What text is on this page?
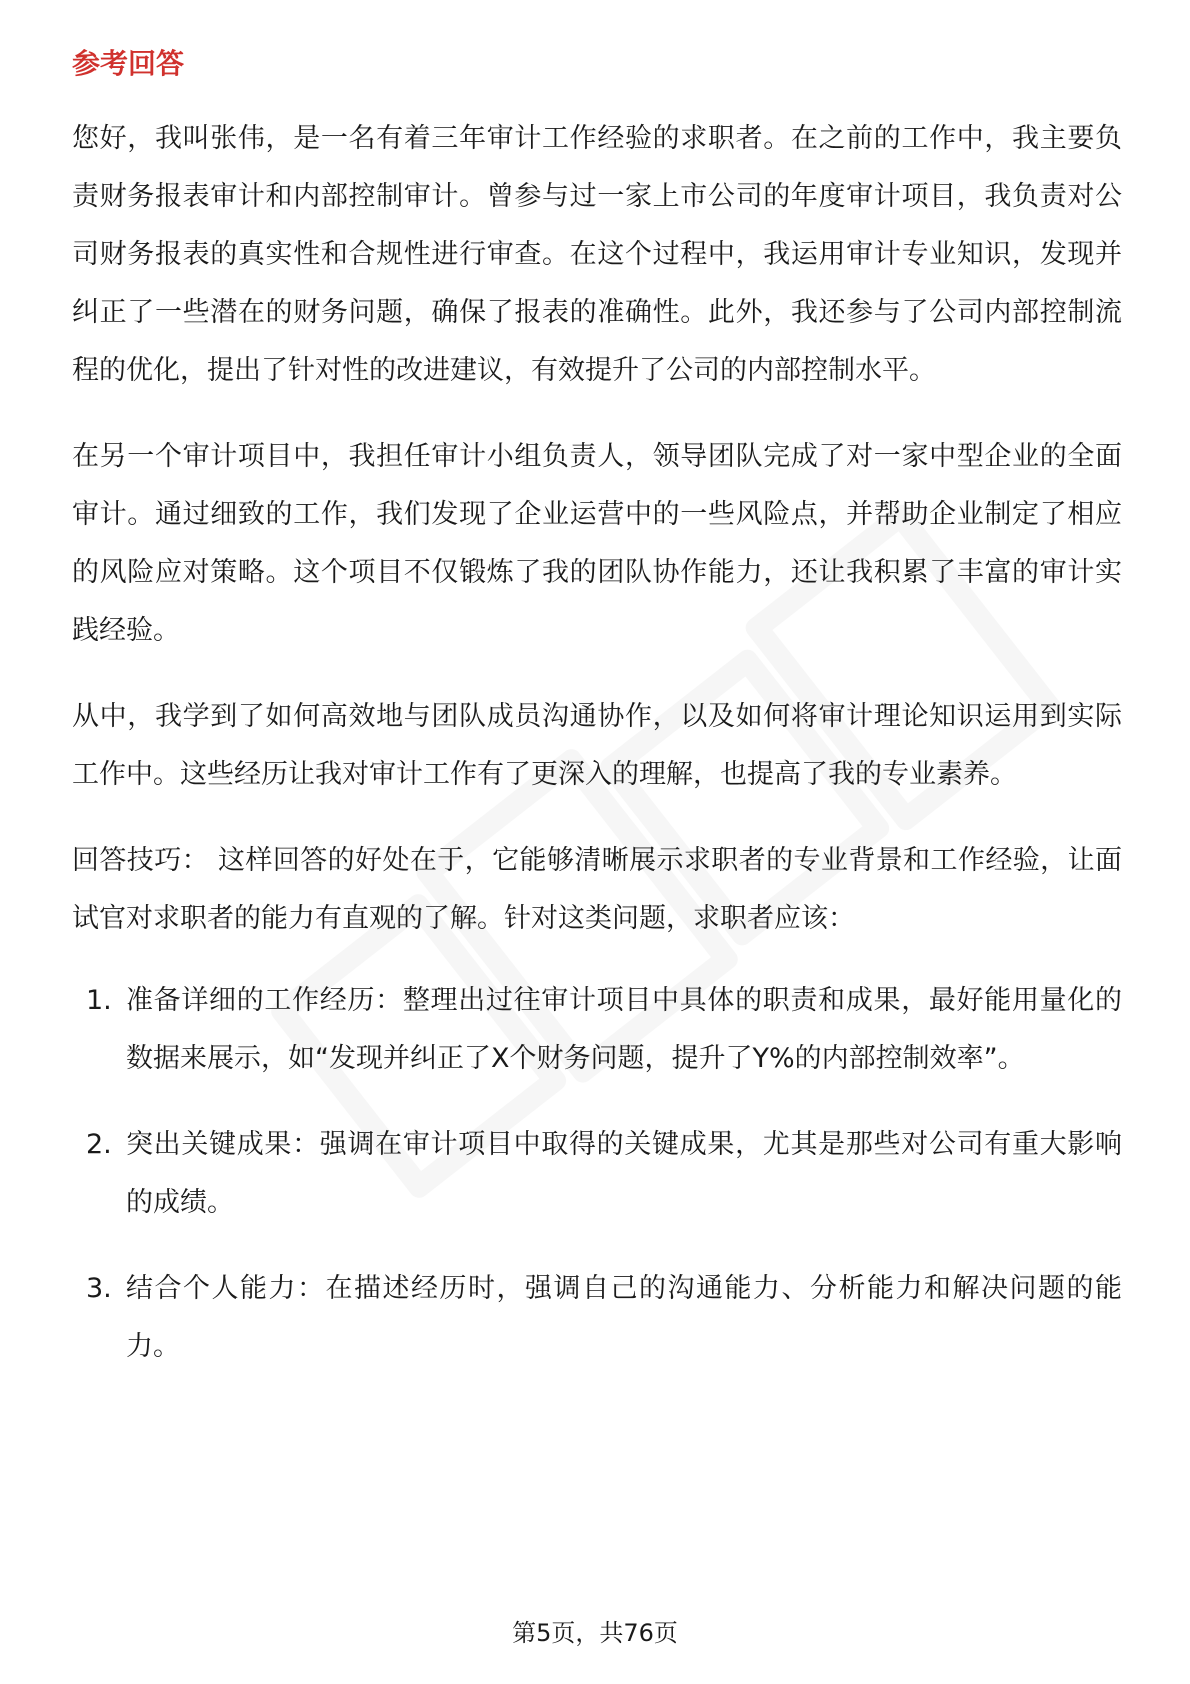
参考回答

您好，我叫张伟，是一名有着三年审计工作经验的求职者。在之前的工作中，我主要负责财务报表审计和内部控制审计。曾参与过一家上市公司的年度审计项目，我负责对公司财务报表的真实性和合规性进行审查。在这个过程中，我运用审计专业知识，发现并纠正了一些潜在的财务问题，确保了报表的准确性。此外，我还参与了公司内部控制流程的优化，提出了针对性的改进建议，有效提升了公司的内部控制水平。

在另一个审计项目中，我担任审计小组负责人，领导团队完成了对一家中型企业的全面审计。通过细致的工作，我们发现了企业运营中的一些风险点，并帮助企业制定了相应的风险应对策略。这个项目不仅锻炼了我的团队协作能力，还让我积累了丰富的审计实践经验。

从中，我学到了如何高效地与团队成员沟通协作，以及如何将审计理论知识运用到实际工作中。这些经历让我对审计工作有了更深入的理解，也提高了我的专业素养。

回答技巧： 这样回答的好处在于，它能够清晰展示求职者的专业背景和工作经验，让面试官对求职者的能力有直观的了解。针对这类问题，求职者应该：

1. 准备详细的工作经历：整理出过往审计项目中具体的职责和成果，最好能用量化的数据来展示，如“发现并纠正了X个财务问题，提升了Y%的内部控制效率”。
2. 突出关键成果：强调在审计项目中取得的关键成果，尤其是那些对公司有重大影响的成绩。
3. 结合个人能力：在描述经历时，强调自己的沟通能力、分析能力和解决问题的能力。
第5页，共76页
